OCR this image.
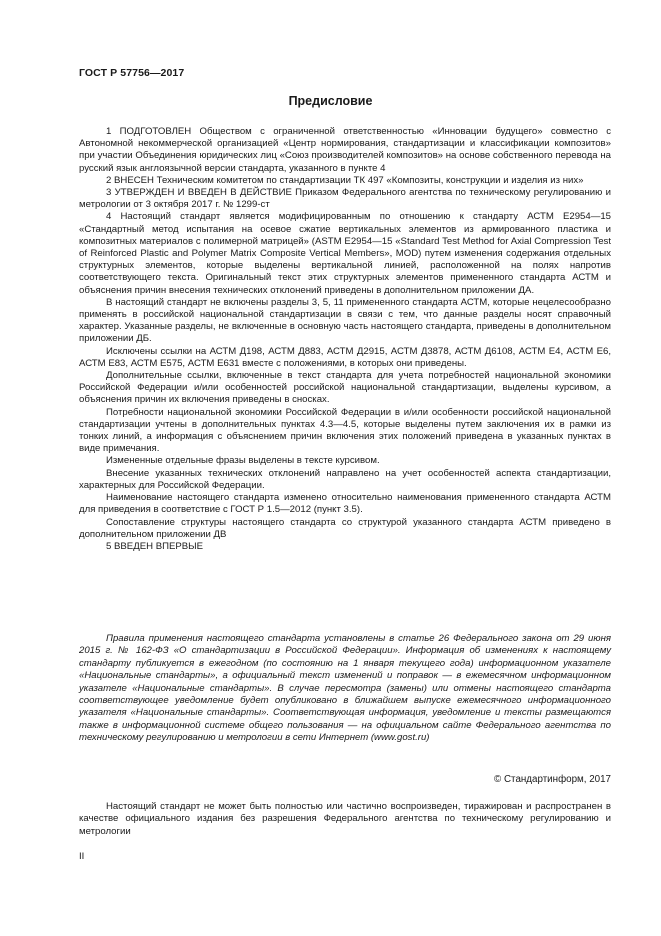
ГОСТ Р 57756—2017
Предисловие

1 ПОДГОТОВЛЕН Обществом с ограниченной ответственностью «Инновации будущего» совместно с Автономной некоммерческой организацией «Центр нормирования, стандартизации и классификации композитов» при участии Объединения юридических лиц «Союз производителей композитов» на основе собственного перевода на русский язык англоязычной версии стандарта, указанного в пункте 4

2 ВНЕСЕН Техническим комитетом по стандартизации ТК 497 «Композиты, конструкции и изделия из них»

3 УТВЕРЖДЕН И ВВЕДЕН В ДЕЙСТВИЕ Приказом Федерального агентства по техническому регулированию и метрологии от 3 октября 2017 г. № 1299-ст

4 Настоящий стандарт является модифицированным по отношению к стандарту АСТМ Е2954—15 «Стандартный метод испытания на осевое сжатие вертикальных элементов из армированного пластика и композитных материалов с полимерной матрицей» (ASTM E2954—15 «Standard Test Method for Axial Compression Test of Reinforced Plastic and Polymer Matrix Composite Vertical Members», MOD) путем изменения содержания отдельных структурных элементов, которые выделены вертикальной линией, расположенной на полях напротив соответствующего текста. Оригинальный текст этих структурных элементов примененного стандарта АСТМ и объяснения причин внесения технических отклонений приведены в дополнительном приложении ДА.

В настоящий стандарт не включены разделы 3, 5, 11 примененного стандарта АСТМ, которые нецелесообразно применять в российской национальной стандартизации в связи с тем, что данные разделы носят справочный характер. Указанные разделы, не включенные в основную часть настоящего стандарта, приведены в дополнительном приложении ДБ.

Исключены ссылки на АСТМ Д198, АСТМ Д883, АСТМ Д2915, АСТМ Д3878, АСТМ Д6108, АСТМ Е4, АСТМ Е6, АСТМ Е83, АСТМ Е575, АСТМ Е631 вместе с положениями, в которых они приведены.

Дополнительные ссылки, включенные в текст стандарта для учета потребностей национальной экономики Российской Федерации и/или особенностей российской национальной стандартизации, выделены курсивом, а объяснения причин их включения приведены в сносках.

Потребности национальной экономики Российской Федерации в и/или особенности российской национальной стандартизации учтены в дополнительных пунктах 4.3—4.5, которые выделены путем заключения их в рамки из тонких линий, а информация с объяснением причин включения этих положений приведена в указанных пунктах в виде примечания.

Измененные отдельные фразы выделены в тексте курсивом.

Внесение указанных технических отклонений направлено на учет особенностей аспекта стандартизации, характерных для Российской Федерации.

Наименование настоящего стандарта изменено относительно наименования примененного стандарта АСТМ для приведения в соответствие с ГОСТ Р 1.5—2012 (пункт 3.5).

Сопоставление структуры настоящего стандарта со структурой указанного стандарта АСТМ приведено в дополнительном приложении ДВ

5 ВВЕДЕН ВПЕРВЫЕ

Правила применения настоящего стандарта установлены в статье 26 Федерального закона от 29 июня 2015 г. № 162-ФЗ «О стандартизации в Российской Федерации». Информация об изменениях к настоящему стандарту публикуется в ежегодном (по состоянию на 1 января текущего года) информационном указателе «Национальные стандарты», а официальный текст изменений и поправок — в ежемесячном информационном указателе «Национальные стандарты». В случае пересмотра (замены) или отмены настоящего стандарта соответствующее уведомление будет опубликовано в ближайшем выпуске ежемесячного информационного указателя «Национальные стандарты». Соответствующая информация, уведомление и тексты размещаются также в информационной системе общего пользования — на официальном сайте Федерального агентства по техническому регулированию и метрологии в сети Интернет (www.gost.ru)

© Стандартинформ, 2017

Настоящий стандарт не может быть полностью или частично воспроизведен, тиражирован и распространен в качестве официального издания без разрешения Федерального агентства по техническому регулированию и метрологии

II
